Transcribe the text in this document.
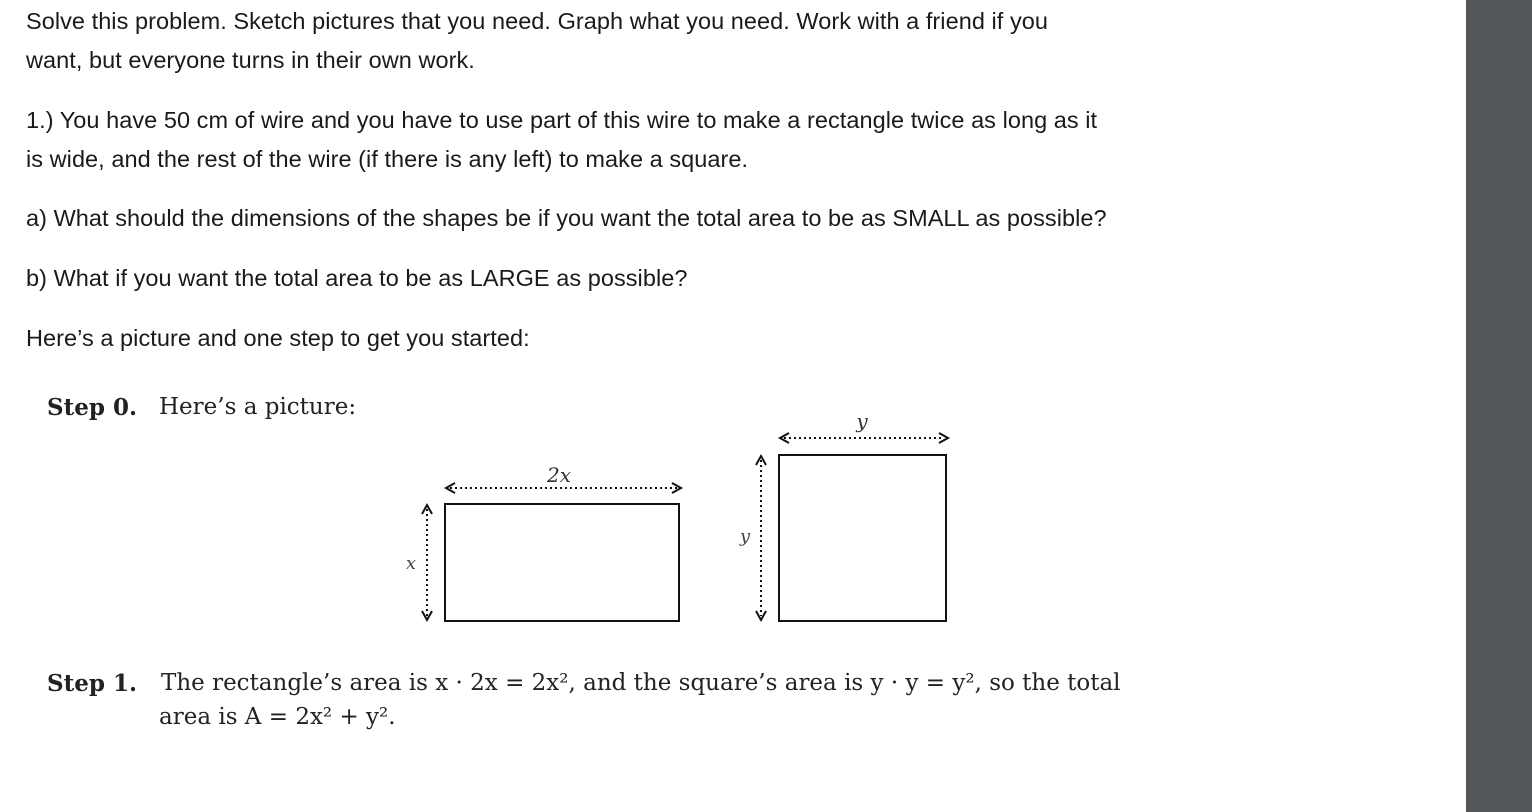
Solve this problem. Sketch pictures that you need. Graph what you need. Work with a friend if you

want, but everyone turns in their own work.

1.) You have 50 cm of wire and you have to use part of this wire to make a rectangle twice as long as it

is wide, and the rest of the wire (if there is any left) to make a square.

a) What should the dimensions of the shapes be if you want the total area to be as SMALL as possible?

b) What if you want the total area to be as LARGE as possible?

Here’s a picture and one step to get you started:

Step 0. Here’s a picture:
2x
x
y
y
Step 1. The rectangle’s area is x · 2x = 2x², and the square’s area is y · y = y², so the total
area is A = 2x² + y².
